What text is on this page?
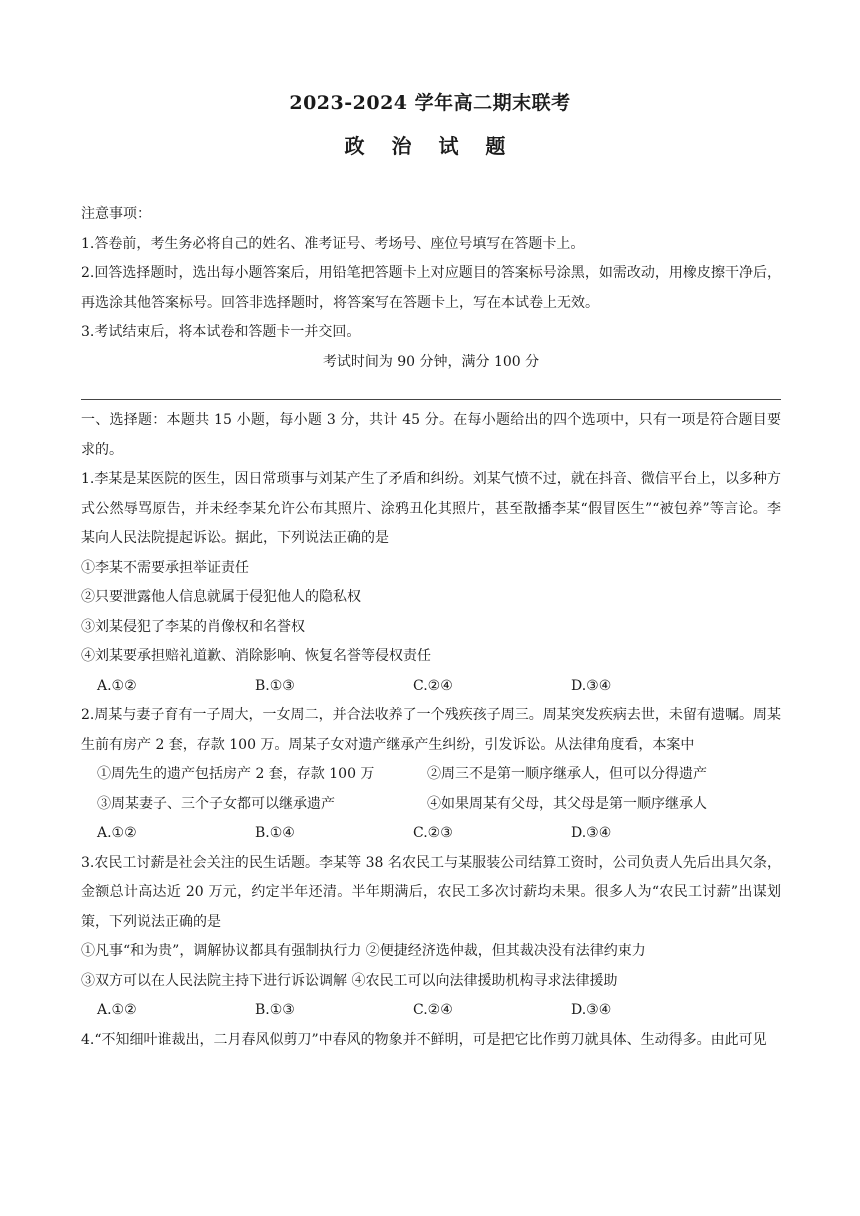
2023-2024 学年高二期末联考
政 治 试 题

注意事项：

1.答卷前，考生务必将自己的姓名、准考证号、考场号、座位号填写在答题卡上。

2.回答选择题时，选出每小题答案后，用铅笔把答题卡上对应题目的答案标号涂黑，如需改动，用橡皮擦干净后，再选涂其他答案标号。回答非选择题时，将答案写在答题卡上，写在本试卷上无效。

3.考试结束后，将本试卷和答题卡一并交回。

考试时间为 90 分钟，满分 100 分

一、选择题：本题共 15 小题，每小题 3 分，共计 45 分。在每小题给出的四个选项中，只有一项是符合题目要求的。

1.李某是某医院的医生，因日常琐事与刘某产生了矛盾和纠纷。刘某气愤不过，就在抖音、微信平台上，以多种方式公然辱骂原告，并未经李某允许公布其照片、涂鸦丑化其照片，甚至散播李某“假冒医生”“被包养”等言论。李某向人民法院提起诉讼。据此，下列说法正确的是

①李某不需要承担举证责任

②只要泄露他人信息就属于侵犯他人的隐私权

③刘某侵犯了李某的肖像权和名誉权

④刘某要承担赔礼道歉、消除影响、恢复名誉等侵权责任

A.①②	B.①③	C.②④	D.③④

2.周某与妻子育有一子周大，一女周二，并合法收养了一个残疾孩子周三。周某突发疾病去世，未留有遗嘱。周某生前有房产 2 套，存款 100 万。周某子女对遗产继承产生纠纷，引发诉讼。从法律角度看，本案中

①周先生的遗产包括房产 2 套，存款 100 万	②周三不是第一顺序继承人，但可以分得遗产
③周某妻子、三个子女都可以继承遗产	④如果周某有父母，其父母是第一顺序继承人
A.①②	B.①④	C.②③	D.③④

3.农民工讨薪是社会关注的民生话题。李某等 38 名农民工与某服装公司结算工资时，公司负责人先后出具欠条，金额总计高达近 20 万元，约定半年还清。半年期满后，农民工多次讨薪均未果。很多人为“农民工讨薪”出谋划策，下列说法正确的是

①凡事“和为贵”，调解协议都具有强制执行力 ②便捷经济选仲裁，但其裁决没有法律约束力

③双方可以在人民法院主持下进行诉讼调解 ④农民工可以向法律援助机构寻求法律援助

A.①②	B.①③	C.②④	D.③④

4.“不知细叶谁裁出，二月春风似剪刀”中春风的物象并不鲜明，可是把它比作剪刀就具体、生动得多。由此可见
